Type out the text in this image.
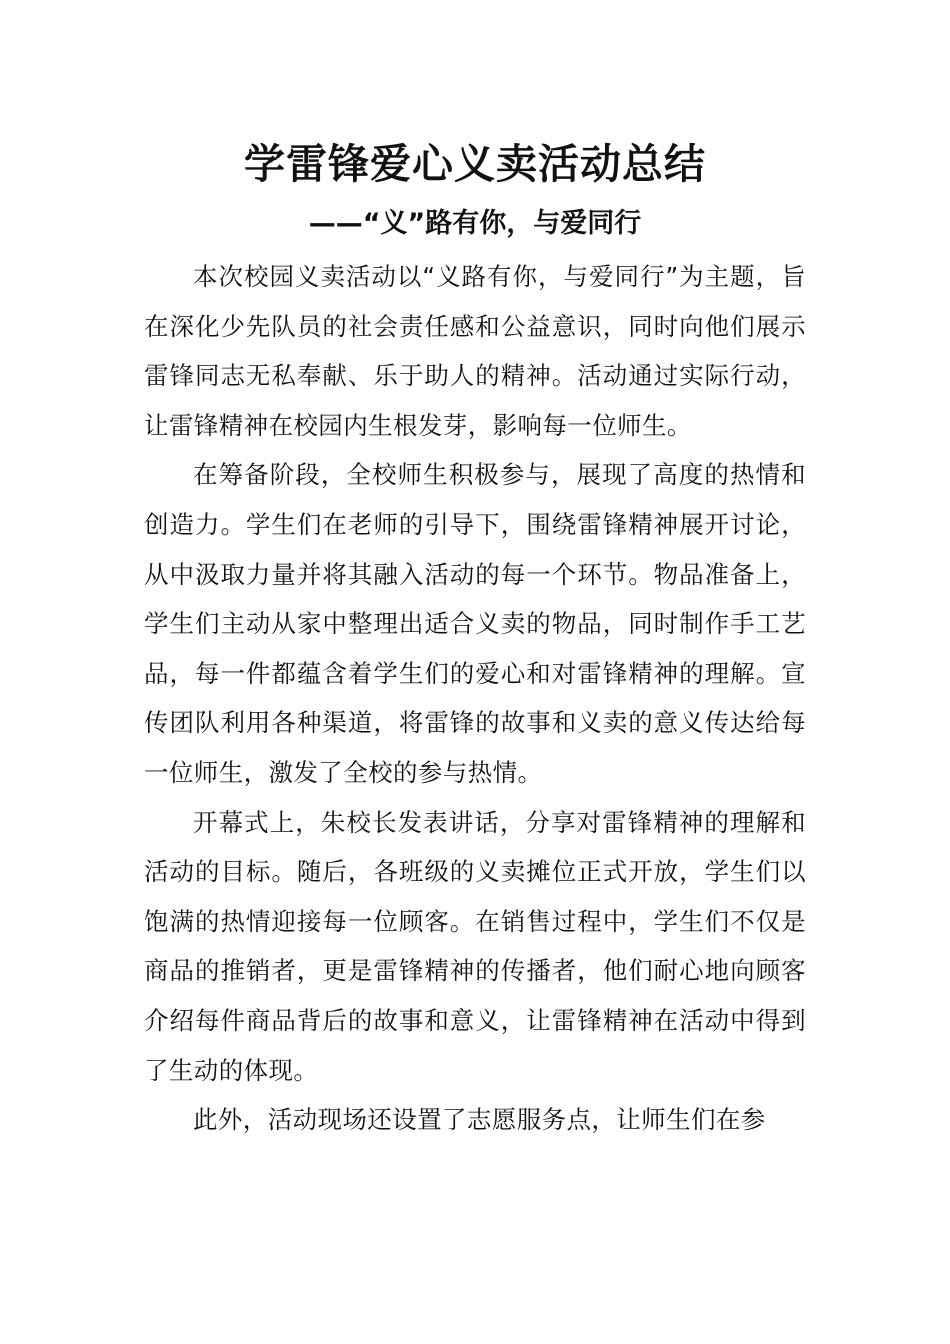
学雷锋爱心义卖活动总结
——“义”路有你，与爱同行

本次校园义卖活动以“义路有你，与爱同行”为主题，旨在深化少先队员的社会责任感和公益意识，同时向他们展示雷锋同志无私奉献、乐于助人的精神。活动通过实际行动，让雷锋精神在校园内生根发芽，影响每一位师生。

在筹备阶段，全校师生积极参与，展现了高度的热情和创造力。学生们在老师的引导下，围绕雷锋精神展开讨论，从中汲取力量并将其融入活动的每一个环节。物品准备上，学生们主动从家中整理出适合义卖的物品，同时制作手工艺品，每一件都蕴含着学生们的爱心和对雷锋精神的理解。宣传团队利用各种渠道，将雷锋的故事和义卖的意义传达给每一位师生，激发了全校的参与热情。

开幕式上，朱校长发表讲话，分享对雷锋精神的理解和活动的目标。随后，各班级的义卖摊位正式开放，学生们以饱满的热情迎接每一位顾客。在销售过程中，学生们不仅是商品的推销者，更是雷锋精神的传播者，他们耐心地向顾客介绍每件商品背后的故事和意义，让雷锋精神在活动中得到了生动的体现。

此外，活动现场还设置了志愿服务点，让师生们在参
